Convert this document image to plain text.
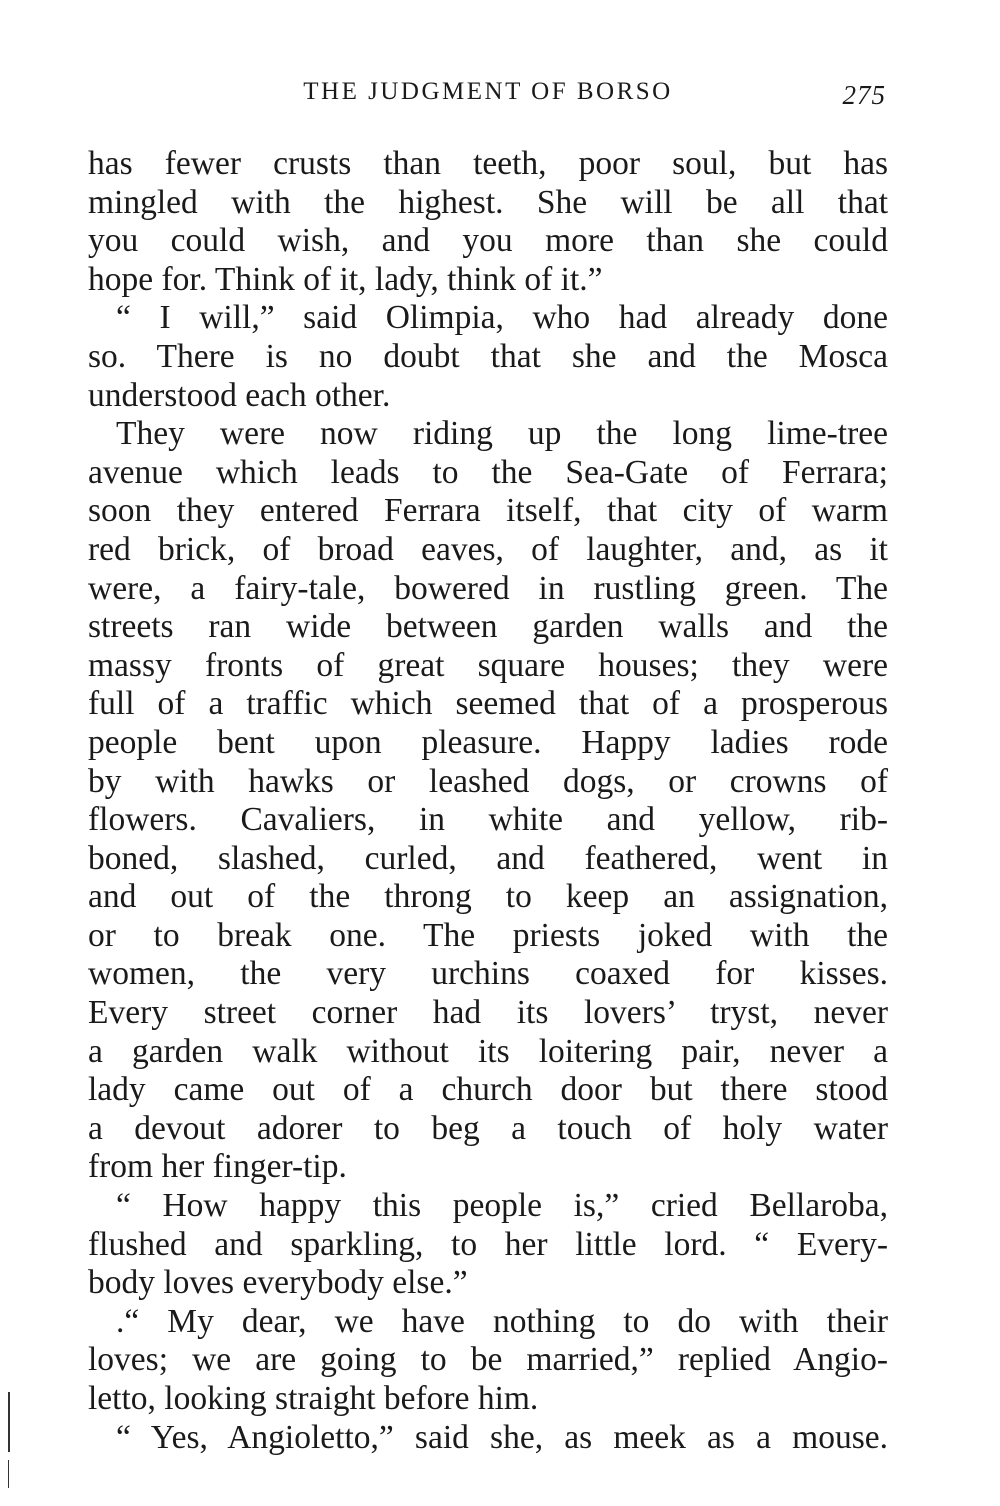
THE JUDGMENT OF BORSO	275
has fewer crusts than teeth, poor soul, but has
mingled with the highest. She will be all that
you could wish, and you more than she could
hope for. Think of it, lady, think of it.”
“ I will,” said Olimpia, who had already done
so. There is no doubt that she and the Mosca
understood each other.
They were now riding up the long lime-tree
avenue which leads to the Sea-Gate of Ferrara;
soon they entered Ferrara itself, that city of warm
red brick, of broad eaves, of laughter, and, as it
were, a fairy-tale, bowered in rustling green. The
streets ran wide between garden walls and the
massy fronts of great square houses; they were
full of a traffic which seemed that of a prosperous
people bent upon pleasure. Happy ladies rode
by with hawks or leashed dogs, or crowns of
flowers. Cavaliers, in white and yellow, rib-
boned, slashed, curled, and feathered, went in
and out of the throng to keep an assignation,
or to break one. The priests joked with the
women, the very urchins coaxed for kisses.
Every street corner had its lovers’ tryst, never
a garden walk without its loitering pair, never a
lady came out of a church door but there stood
a devout adorer to beg a touch of holy water
from her finger-tip.
“ How happy this people is,” cried Bellaroba,
flushed and sparkling, to her little lord. “ Every-
body loves everybody else.”
.“ My dear, we have nothing to do with their
loves; we are going to be married,” replied Angio-
letto, looking straight before him.
“ Yes, Angioletto,” said she, as meek as a mouse.
